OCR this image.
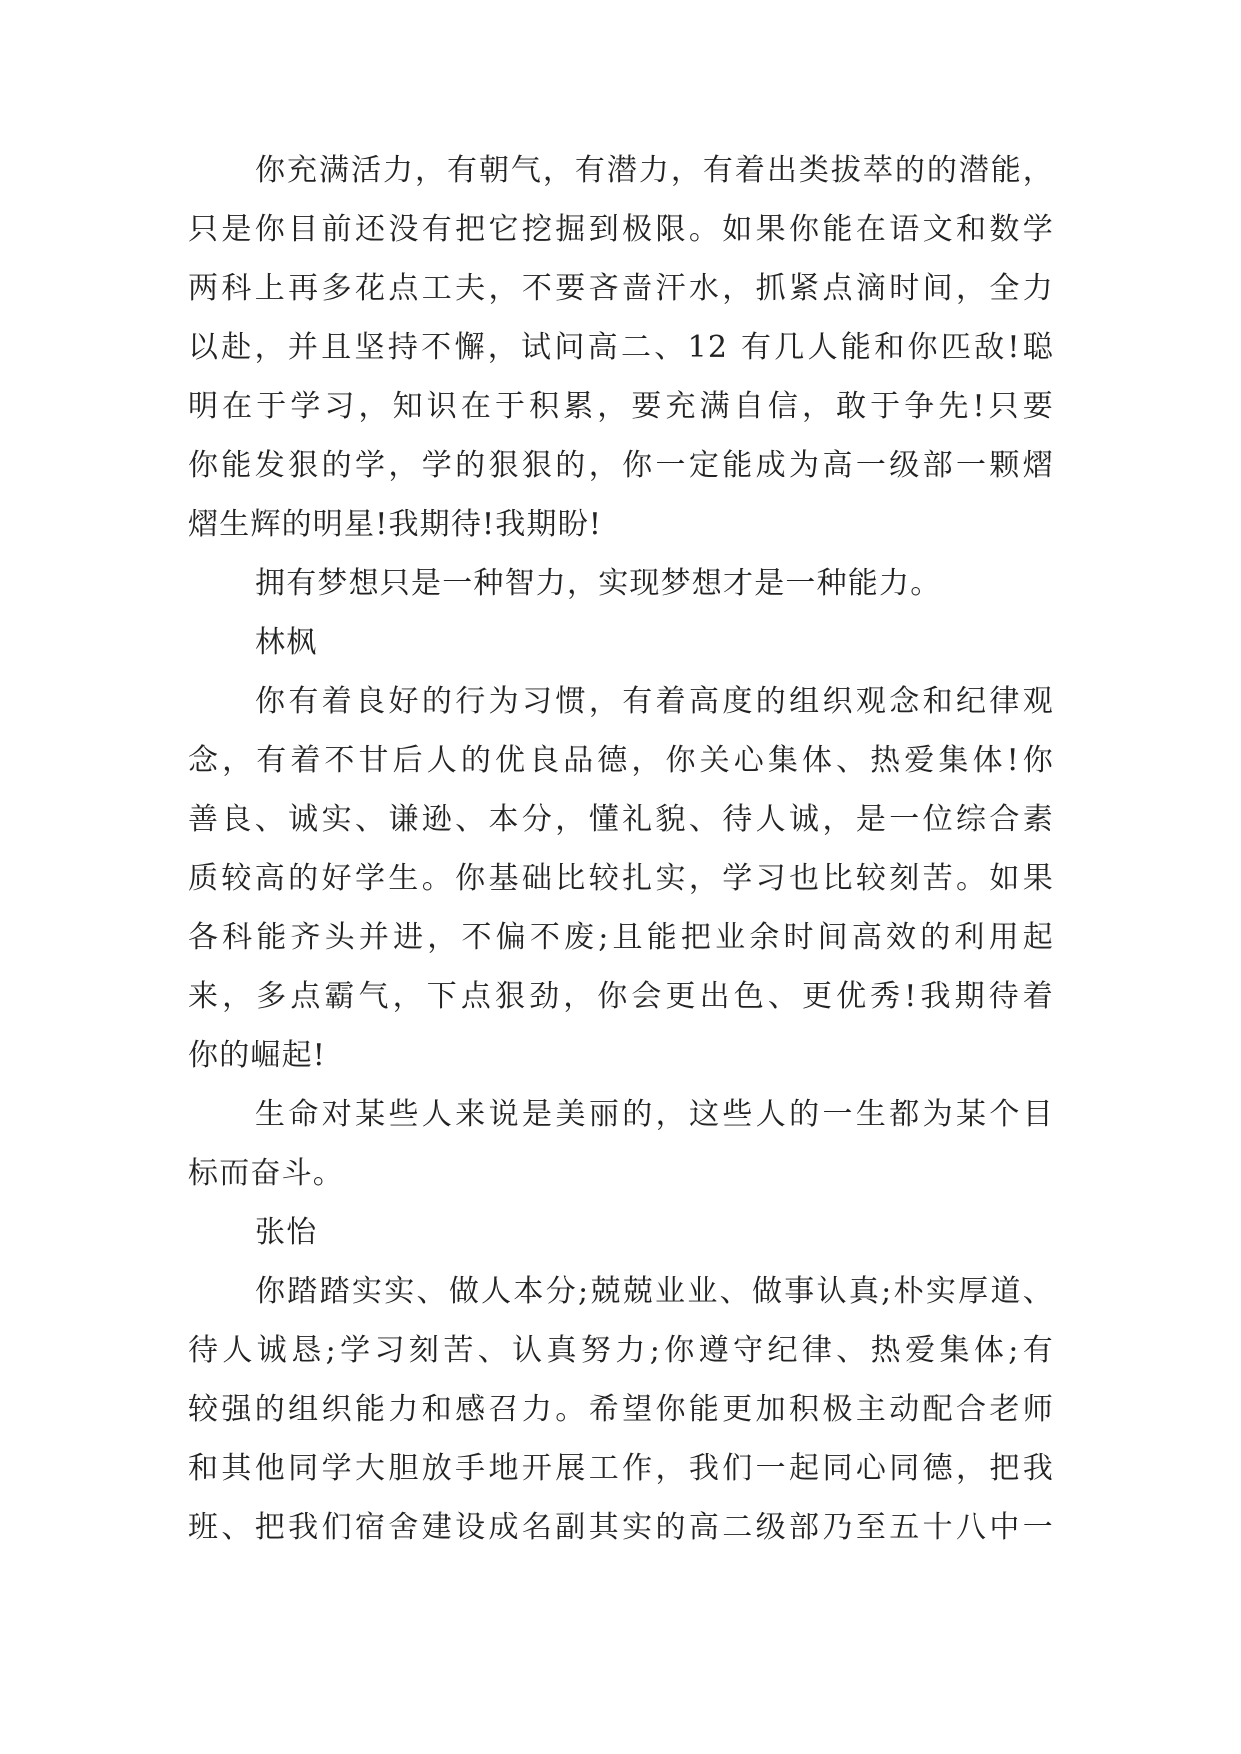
你充满活力，有朝气，有潜力，有着出类拔萃的的潜能，
只是你目前还没有把它挖掘到极限。如果你能在语文和数学
两科上再多花点工夫，不要吝啬汗水，抓紧点滴时间，全力
以赴，并且坚持不懈，试问高二、12 有几人能和你匹敌!聪
明在于学习，知识在于积累，要充满自信，敢于争先!只要
你能发狠的学，学的狠狠的，你一定能成为高一级部一颗熠
熠生辉的明星!我期待!我期盼!
拥有梦想只是一种智力，实现梦想才是一种能力。
林枫
你有着良好的行为习惯，有着高度的组织观念和纪律观
念，有着不甘后人的优良品德，你关心集体、热爱集体!你
善良、诚实、谦逊、本分，懂礼貌、待人诚，是一位综合素
质较高的好学生。你基础比较扎实，学习也比较刻苦。如果
各科能齐头并进，不偏不废;且能把业余时间高效的利用起
来，多点霸气，下点狠劲，你会更出色、更优秀!我期待着
你的崛起!
生命对某些人来说是美丽的，这些人的一生都为某个目
标而奋斗。
张怡
你踏踏实实、做人本分;兢兢业业、做事认真;朴实厚道、
待人诚恳;学习刻苦、认真努力;你遵守纪律、热爱集体;有
较强的组织能力和感召力。希望你能更加积极主动配合老师
和其他同学大胆放手地开展工作，我们一起同心同德，把我
班、把我们宿舍建设成名副其实的高二级部乃至五十八中一
